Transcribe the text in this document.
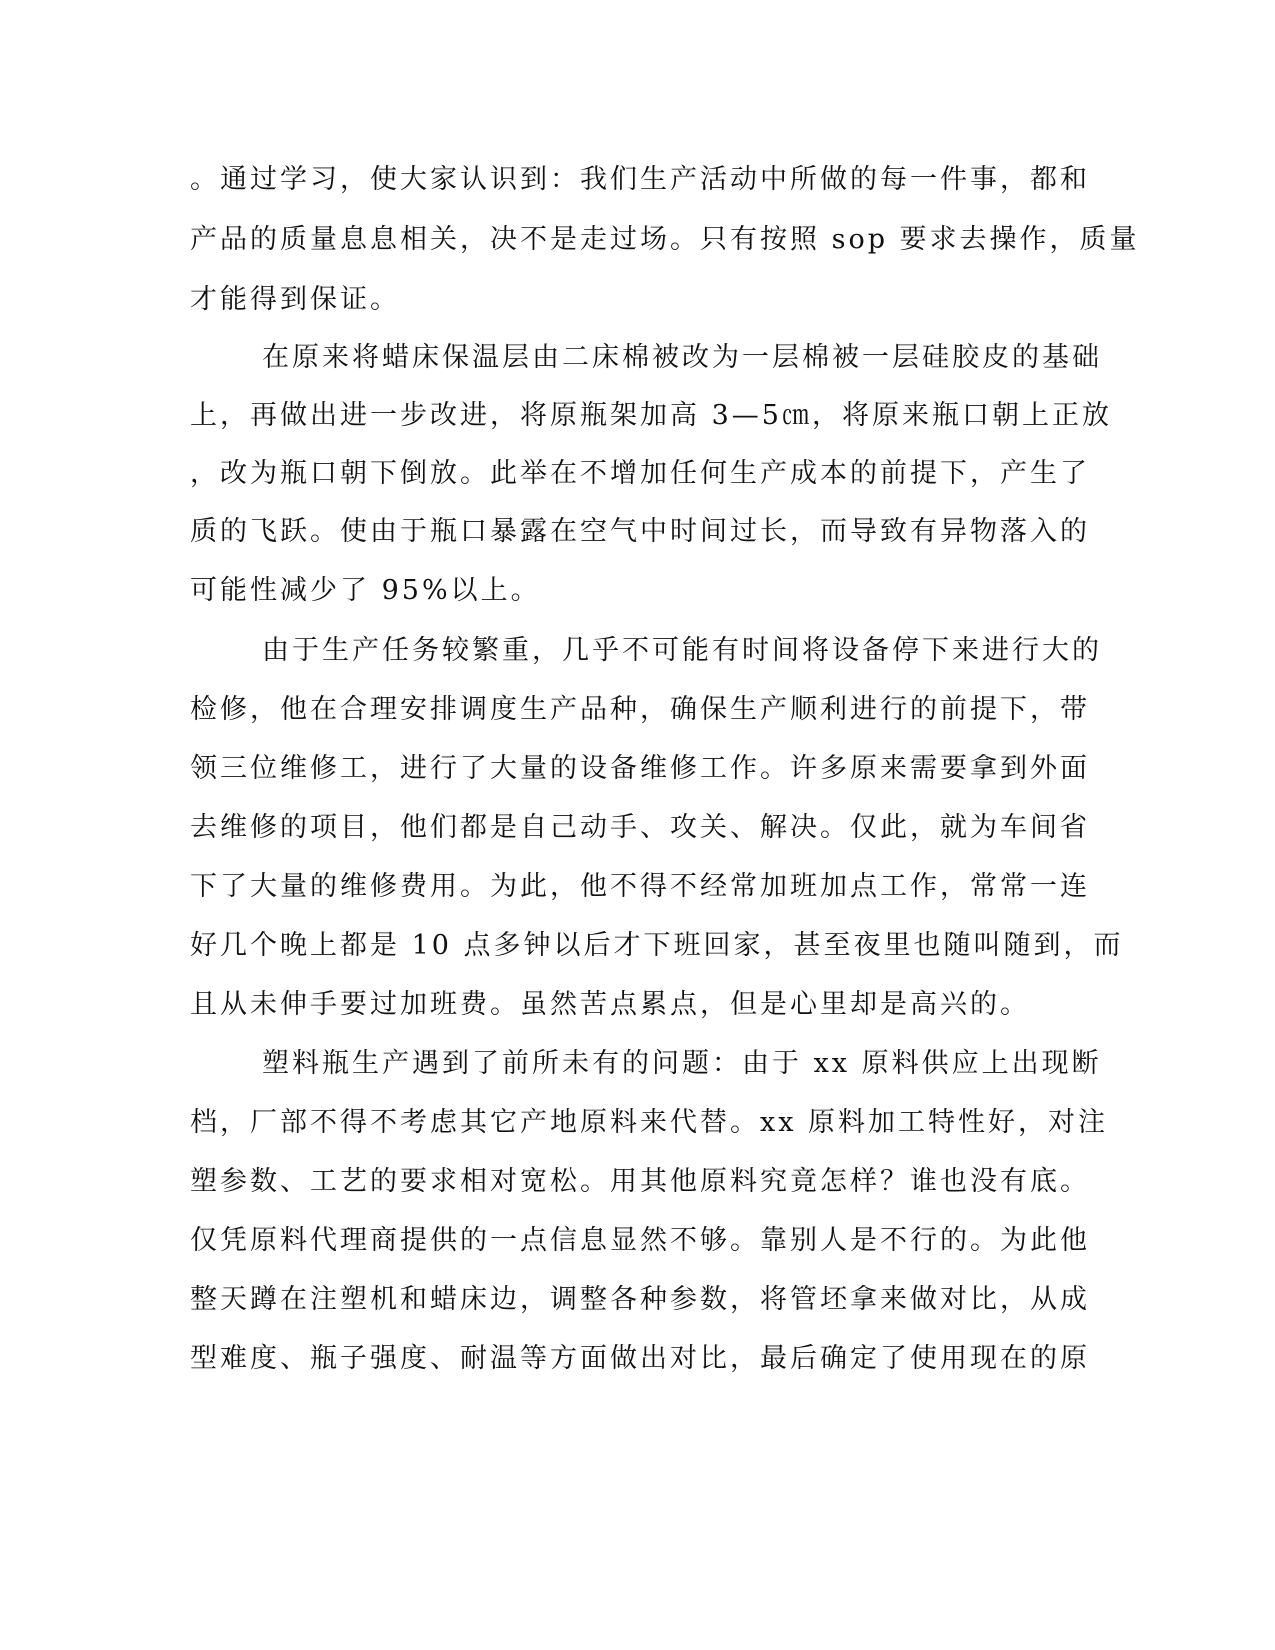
。通过学习，使大家认识到：我们生产活动中所做的每一件事，都和
产品的质量息息相关，决不是走过场。只有按照 sop 要求去操作，质量
才能得到保证。
在原来将蜡床保温层由二床棉被改为一层棉被一层硅胶皮的基础
上，再做出进一步改进，将原瓶架加高 3—5㎝，将原来瓶口朝上正放
，改为瓶口朝下倒放。此举在不增加任何生产成本的前提下，产生了
质的飞跃。使由于瓶口暴露在空气中时间过长，而导致有异物落入的
可能性减少了 95%以上。
由于生产任务较繁重，几乎不可能有时间将设备停下来进行大的
检修，他在合理安排调度生产品种，确保生产顺利进行的前提下，带
领三位维修工，进行了大量的设备维修工作。许多原来需要拿到外面
去维修的项目，他们都是自己动手、攻关、解决。仅此，就为车间省
下了大量的维修费用。为此，他不得不经常加班加点工作，常常一连
好几个晚上都是 10 点多钟以后才下班回家，甚至夜里也随叫随到，而
且从未伸手要过加班费。虽然苦点累点，但是心里却是高兴的。
塑料瓶生产遇到了前所未有的问题：由于 xx 原料供应上出现断
档，厂部不得不考虑其它产地原料来代替。xx 原料加工特性好，对注
塑参数、工艺的要求相对宽松。用其他原料究竟怎样？谁也没有底。
仅凭原料代理商提供的一点信息显然不够。靠别人是不行的。为此他
整天蹲在注塑机和蜡床边，调整各种参数，将管坯拿来做对比，从成
型难度、瓶子强度、耐温等方面做出对比，最后确定了使用现在的原
